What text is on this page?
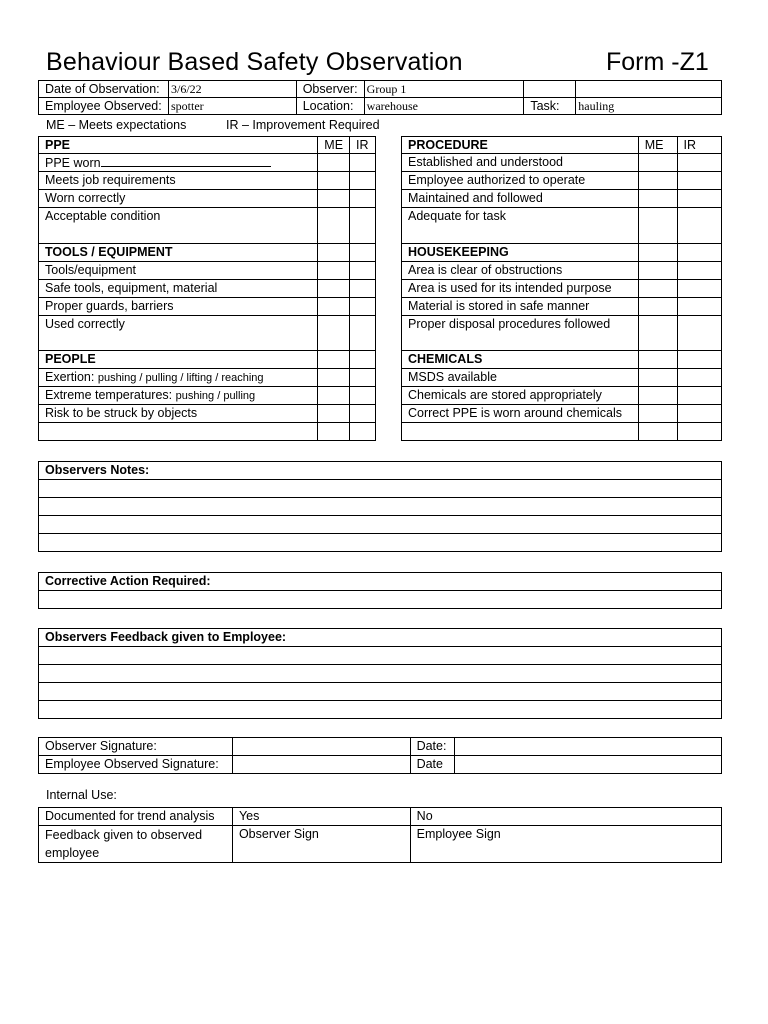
Behaviour Based Safety Observation	Form -Z1
Date of Observation:	3/6/22	Observer:	Group 1		
Employee Observed:	spotter	Location:	warehouse	Task:	hauling
ME – Meets expectations	IR – Improvement Required
PPE	ME	IR
PPE worn		
Meets job requirements		
Worn correctly		
Acceptable condition		
TOOLS / EQUIPMENT		
Tools/equipment		
Safe tools, equipment, material		
Proper guards, barriers		
Used correctly		
PEOPLE		
Exertion: pushing / pulling / lifting / reaching		
Extreme temperatures: pushing / pulling		
Risk to be struck by objects		

PROCEDURE	ME	IR
Established and understood		
Employee authorized to operate		
Maintained and followed		
Adequate for task		
HOUSEKEEPING		
Area is clear of obstructions		
Area is used for its intended purpose		
Material is stored in safe manner		
Proper disposal procedures followed		
CHEMICALS		
MSDS available		
Chemicals are stored appropriately		
Correct PPE is worn around chemicals		

Observers Notes:

Corrective Action Required:

Observers Feedback given to Employee:

Observer Signature:		Date:	
Employee Observed Signature:		Date	
Internal Use:
Documented for trend analysis	Yes	No
Feedback given to observed
employee	Observer Sign	Employee Sign
